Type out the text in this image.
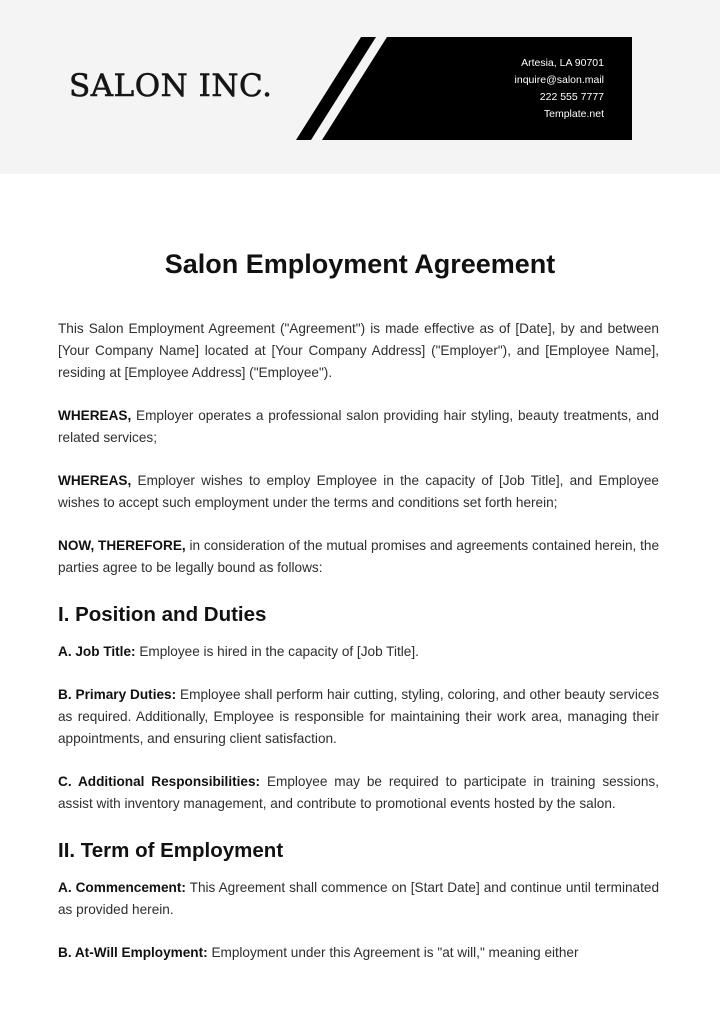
SALON INC.
Artesia, LA 90701
inquire@salon.mail
222 555 7777
Template.net
Salon Employment Agreement

This Salon Employment Agreement ("Agreement") is made effective as of [Date], by and between [Your Company Name] located at [Your Company Address] ("Employer"), and [Employee Name], residing at [Employee Address] ("Employee").

WHEREAS, Employer operates a professional salon providing hair styling, beauty treatments, and related services;

WHEREAS, Employer wishes to employ Employee in the capacity of [Job Title], and Employee wishes to accept such employment under the terms and conditions set forth herein;

NOW, THEREFORE, in consideration of the mutual promises and agreements contained herein, the parties agree to be legally bound as follows:

I. Position and Duties

A. Job Title: Employee is hired in the capacity of [Job Title].

B. Primary Duties: Employee shall perform hair cutting, styling, coloring, and other beauty services as required. Additionally, Employee is responsible for maintaining their work area, managing their appointments, and ensuring client satisfaction.

C. Additional Responsibilities: Employee may be required to participate in training sessions, assist with inventory management, and contribute to promotional events hosted by the salon.

II. Term of Employment

A. Commencement: This Agreement shall commence on [Start Date] and continue until terminated as provided herein.

B. At-Will Employment: Employment under this Agreement is "at will," meaning either
